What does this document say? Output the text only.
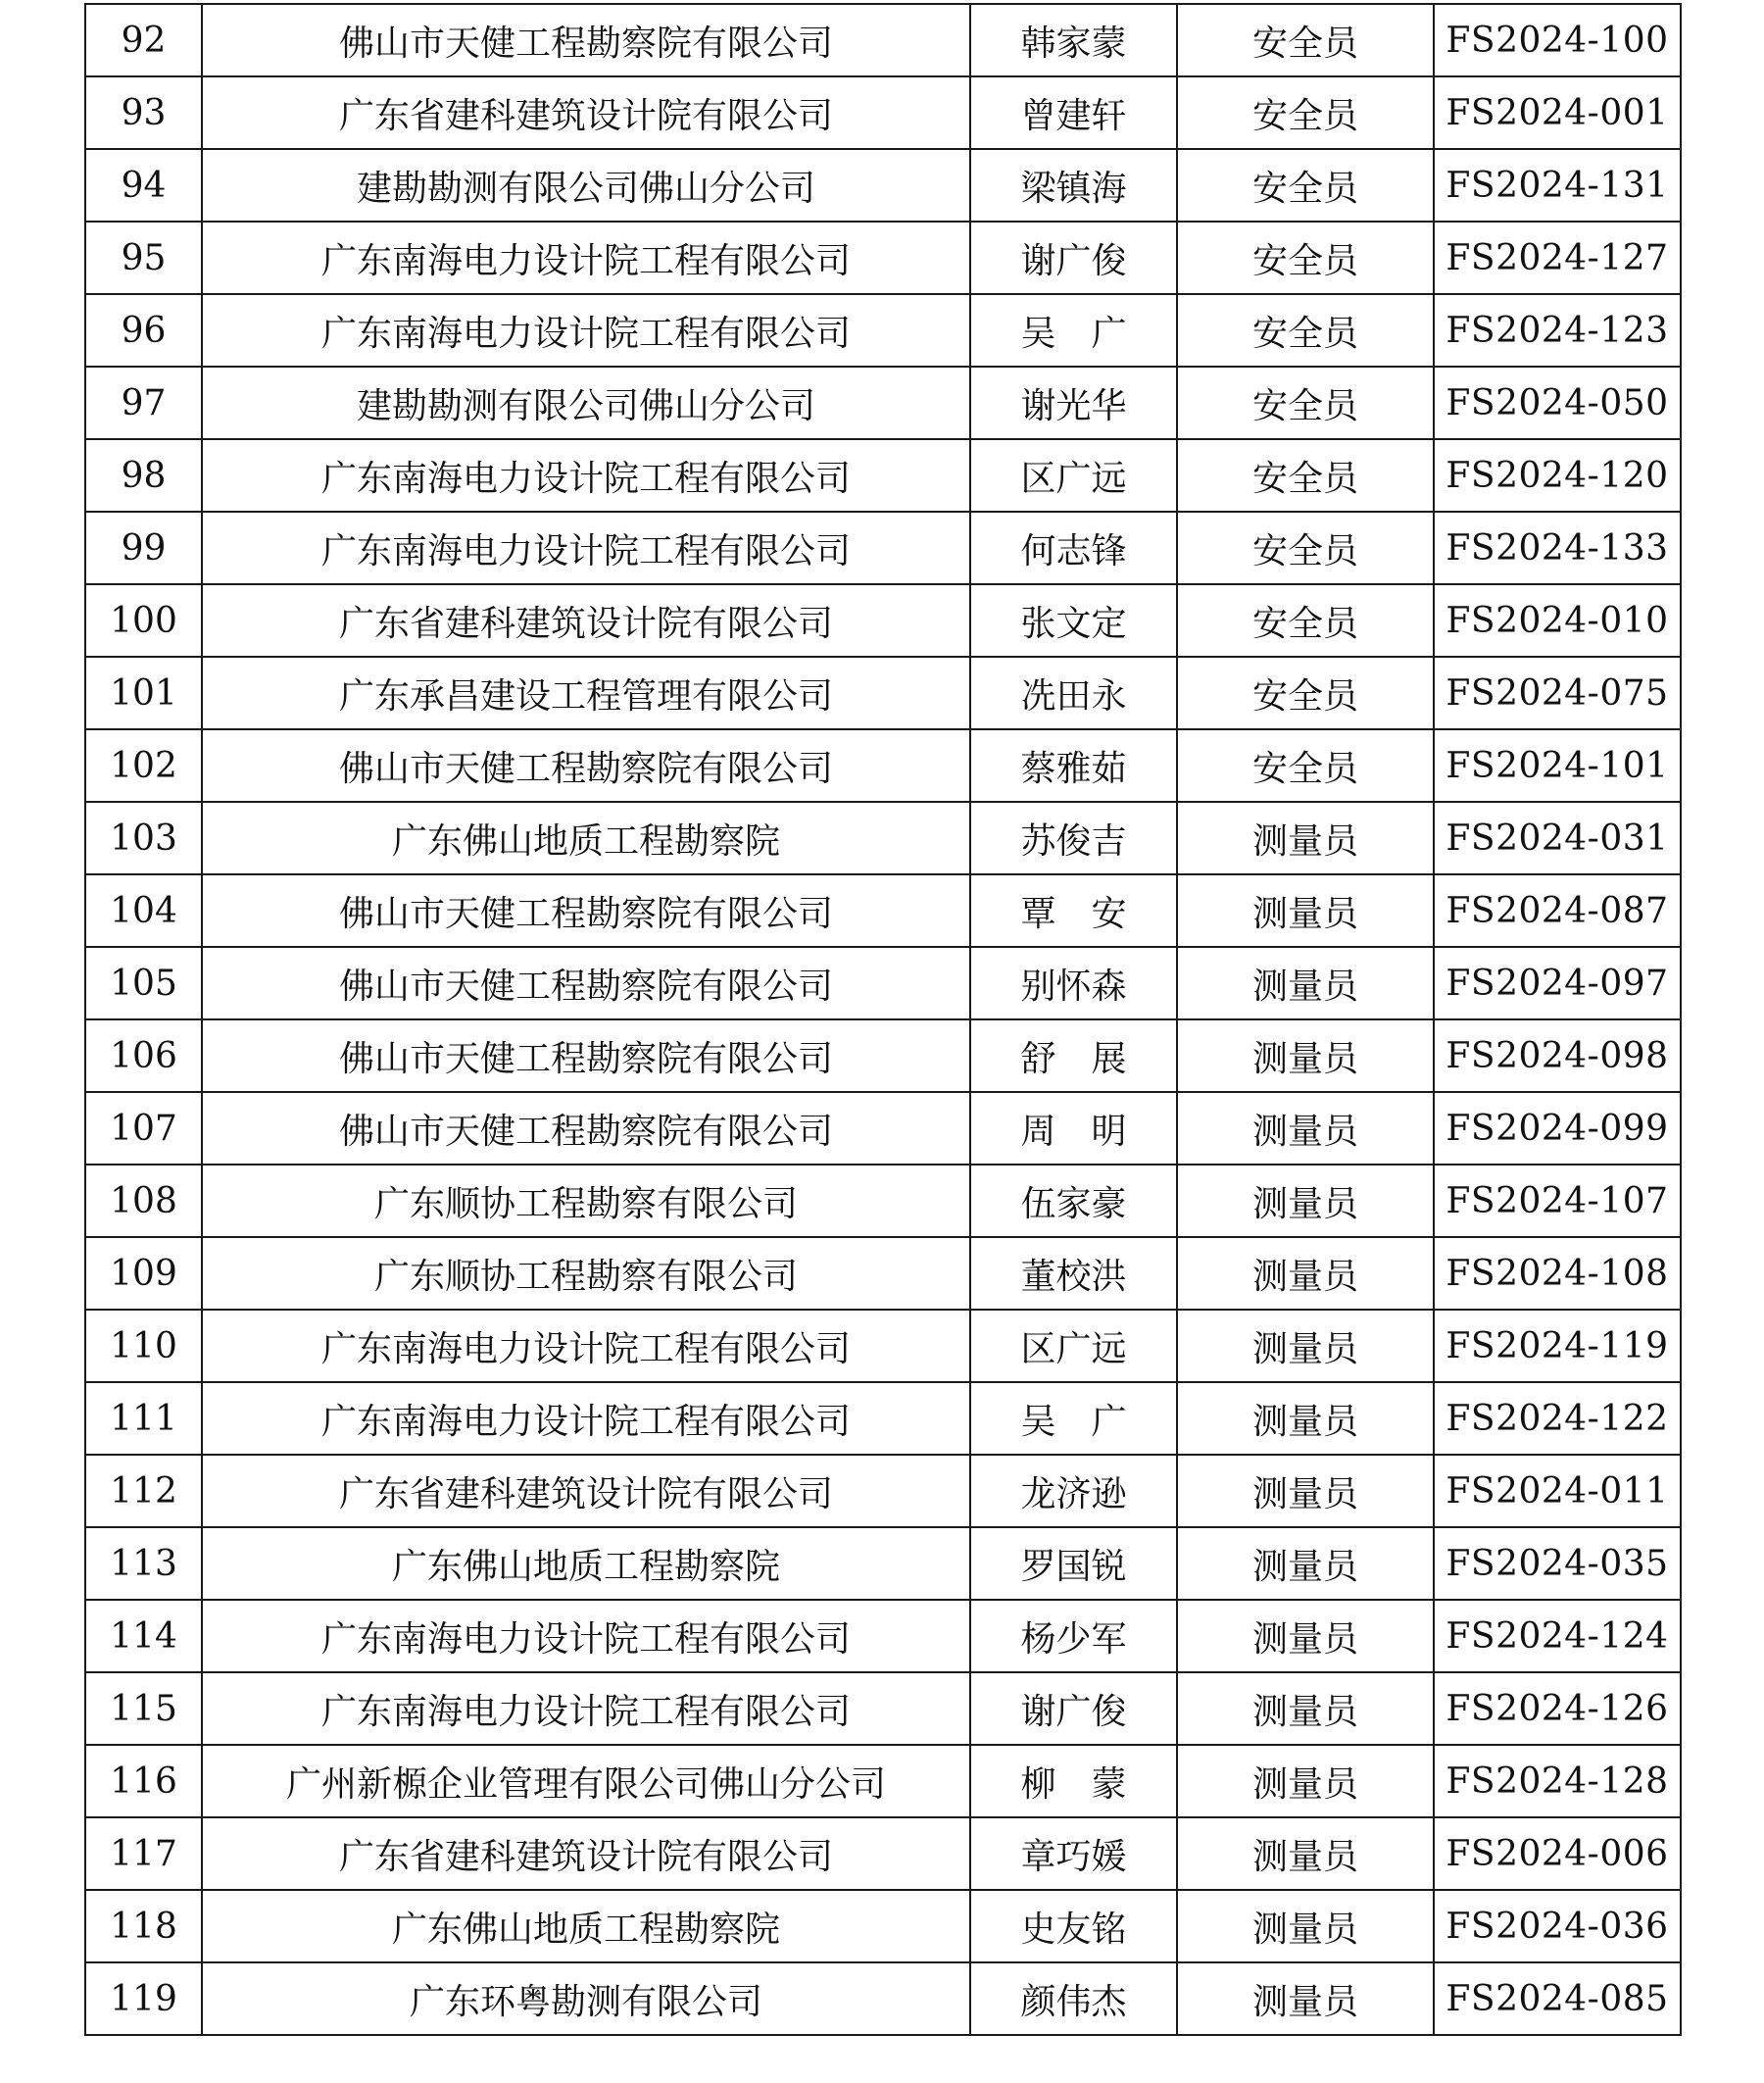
92	佛山市天健工程勘察院有限公司	韩家蒙	安全员	FS2024-100
93	广东省建科建筑设计院有限公司	曾建轩	安全员	FS2024-001
94	建勘勘测有限公司佛山分公司	梁镇海	安全员	FS2024-131
95	广东南海电力设计院工程有限公司	谢广俊	安全员	FS2024-127
96	广东南海电力设计院工程有限公司	吴　广	安全员	FS2024-123
97	建勘勘测有限公司佛山分公司	谢光华	安全员	FS2024-050
98	广东南海电力设计院工程有限公司	区广远	安全员	FS2024-120
99	广东南海电力设计院工程有限公司	何志锋	安全员	FS2024-133
100	广东省建科建筑设计院有限公司	张文定	安全员	FS2024-010
101	广东承昌建设工程管理有限公司	冼田永	安全员	FS2024-075
102	佛山市天健工程勘察院有限公司	蔡雅茹	安全员	FS2024-101
103	广东佛山地质工程勘察院	苏俊吉	测量员	FS2024-031
104	佛山市天健工程勘察院有限公司	覃　安	测量员	FS2024-087
105	佛山市天健工程勘察院有限公司	别怀森	测量员	FS2024-097
106	佛山市天健工程勘察院有限公司	舒　展	测量员	FS2024-098
107	佛山市天健工程勘察院有限公司	周　明	测量员	FS2024-099
108	广东顺协工程勘察有限公司	伍家豪	测量员	FS2024-107
109	广东顺协工程勘察有限公司	董校洪	测量员	FS2024-108
110	广东南海电力设计院工程有限公司	区广远	测量员	FS2024-119
111	广东南海电力设计院工程有限公司	吴　广	测量员	FS2024-122
112	广东省建科建筑设计院有限公司	龙济逊	测量员	FS2024-011
113	广东佛山地质工程勘察院	罗国锐	测量员	FS2024-035
114	广东南海电力设计院工程有限公司	杨少军	测量员	FS2024-124
115	广东南海电力设计院工程有限公司	谢广俊	测量员	FS2024-126
116	广州新榞企业管理有限公司佛山分公司	柳　蒙	测量员	FS2024-128
117	广东省建科建筑设计院有限公司	章巧媛	测量员	FS2024-006
118	广东佛山地质工程勘察院	史友铭	测量员	FS2024-036
119	广东环粤勘测有限公司	颜伟杰	测量员	FS2024-085
